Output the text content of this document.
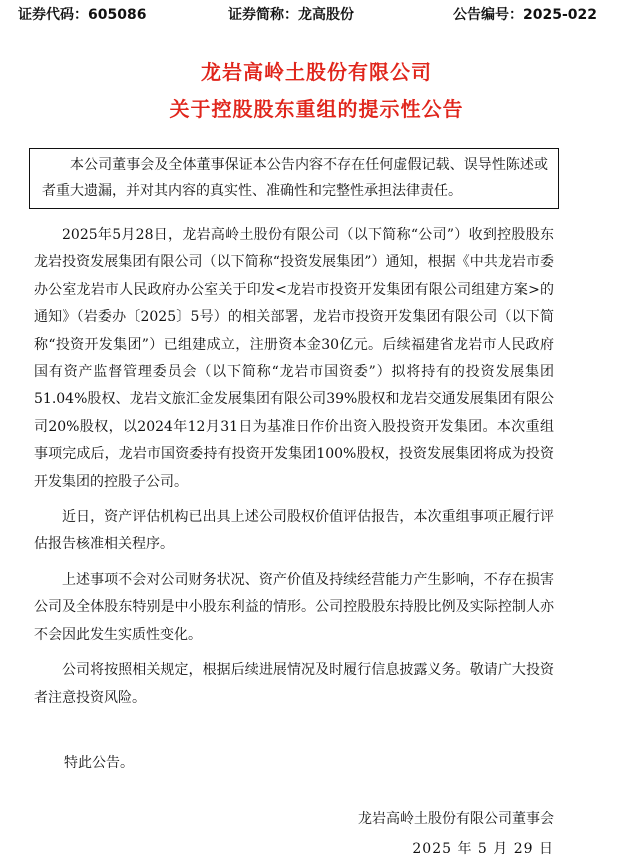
证券代码：605086	证券简称：龙高股份	公告编号：2025-022
龙岩高岭土股份有限公司
关于控股股东重组的提示性公告
本公司董事会及全体董事保证本公告内容不存在任何虚假记载、误导性陈述或者重大遗漏，并对其内容的真实性、准确性和完整性承担法律责任。

2025年5月28日，龙岩高岭土股份有限公司（以下简称“公司”）收到控股股东龙岩投资发展集团有限公司（以下简称“投资发展集团”）通知，根据《中共龙岩市委办公室龙岩市人民政府办公室关于印发<龙岩市投资开发集团有限公司组建方案>的通知》（岩委办〔2025〕5号）的相关部署，龙岩市投资开发集团有限公司（以下简称“投资开发集团”）已组建成立，注册资本金30亿元。后续福建省龙岩市人民政府国有资产监督管理委员会（以下简称“龙岩市国资委”）拟将持有的投资发展集团51.04%股权、龙岩文旅汇金发展集团有限公司39%股权和龙岩交通发展集团有限公司20%股权，以2024年12月31日为基准日作价出资入股投资开发集团。本次重组事项完成后，龙岩市国资委持有投资开发集团100%股权，投资发展集团将成为投资开发集团的控股子公司。

近日，资产评估机构已出具上述公司股权价值评估报告，本次重组事项正履行评估报告核准相关程序。

上述事项不会对公司财务状况、资产价值及持续经营能力产生影响，不存在损害公司及全体股东特别是中小股东利益的情形。公司控股股东持股比例及实际控制人亦不会因此发生实质性变化。

公司将按照相关规定，根据后续进展情况及时履行信息披露义务。敬请广大投资者注意投资风险。

特此公告。
龙岩高岭土股份有限公司董事会
2025 年 5 月 29 日
